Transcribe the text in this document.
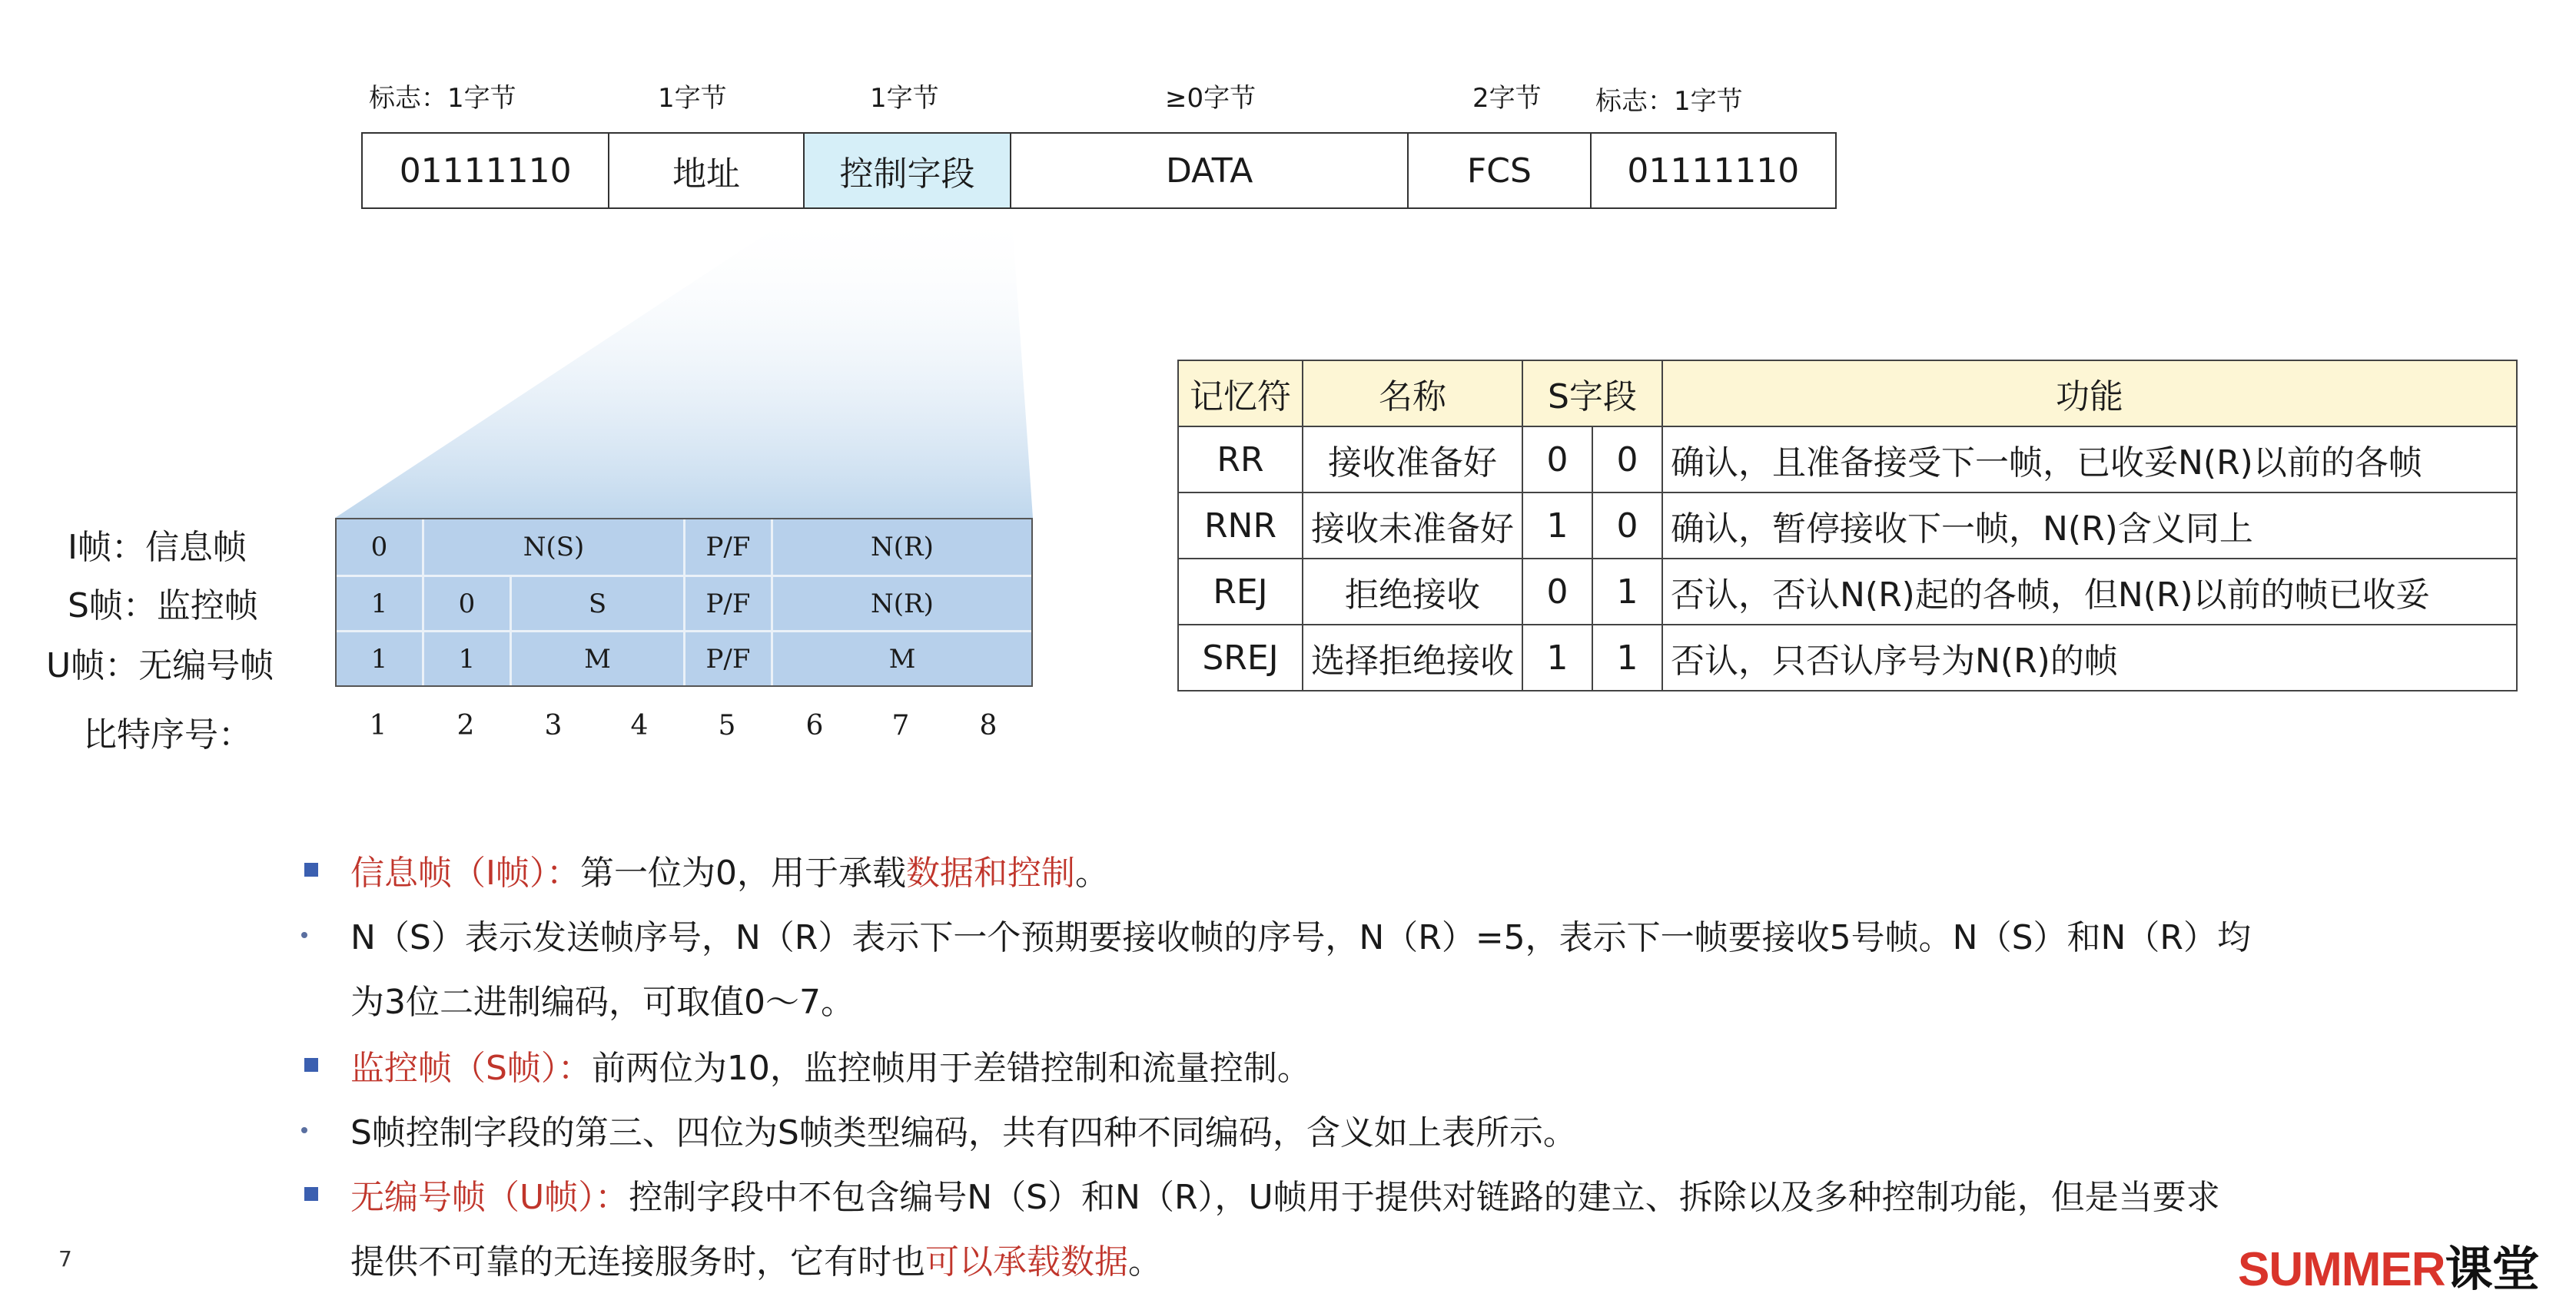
标志：1字节	1字节	1字节	≥0字节	2字节 标志：1字节
01111110	地址	控制字段	DATA	FCS	01111110
I帧：信息帧
S帧：监控帧
U帧：无编号帧
比特序号：
0	N(S)	P/F	N(R)
1	0	S	P/F	N(R)
1	1	M	P/F	M
1	2	3 4	5	6 7	8
记忆符	名称	S字段		功能
RR	接收准备好	0	0	确认，且准备接受下一帧，已收妥N(R)以前的各帧
RNR	接收未准备好	1	0	确认，暂停接收下一帧，N(R)含义同上
REJ	拒绝接收	0	1	否认，否认N(R)起的各帧，但N(R)以前的帧已收妥
SREJ	选择拒绝接收	1	1	否认，只否认序号为N(R)的帧
信息帧（I帧）：第一位为0，用于承载数据和控制。
N（S）表示发送帧序号，N（R）表示下一个预期要接收帧的序号，N（R）=5，表示下一帧要接收5号帧。N（S）和N（R）均
为3位二进制编码，可取值0～7。
监控帧（S帧）：前两位为10，监控帧用于差错控制和流量控制。
S帧控制字段的第三、四位为S帧类型编码，共有四种不同编码，含义如上表所示。
无编号帧（U帧）：控制字段中不包含编号N（S）和N（R），U帧用于提供对链路的建立、拆除以及多种控制功能，但是当要求
提供不可靠的无连接服务时，它有时也可以承载数据。
7	SUMMER课堂
